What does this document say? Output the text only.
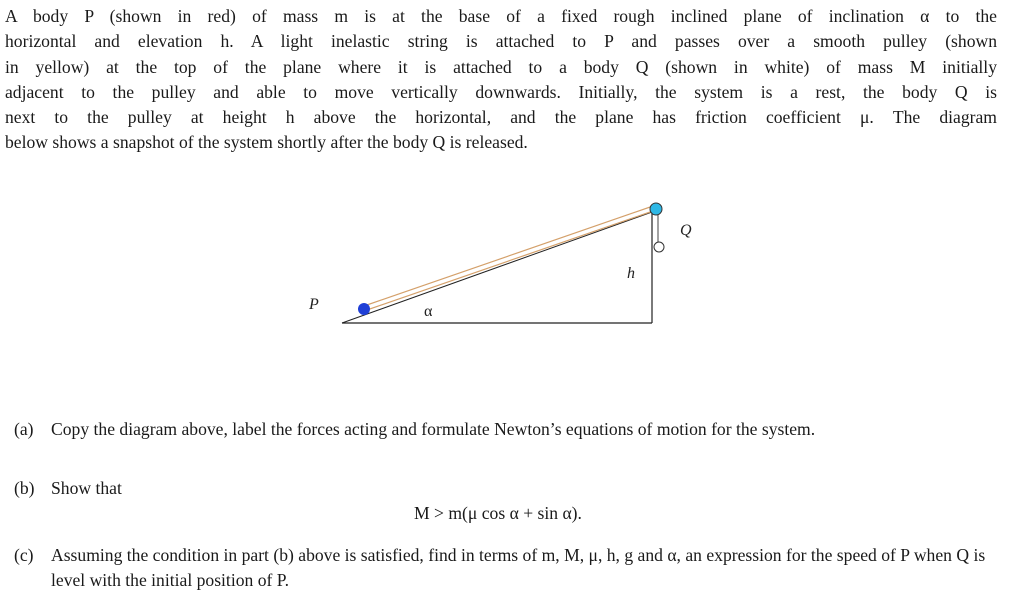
A body P (shown in red) of mass m is at the base of a fixed rough inclined plane of inclination α to the
horizontal and elevation h. A light inelastic string is attached to P and passes over a smooth pulley (shown
in yellow) at the top of the plane where it is attached to a body Q (shown in white) of mass M initially
adjacent to the pulley and able to move vertically downwards. Initially, the system is a rest, the body Q is
next to the pulley at height h above the horizontal, and the plane has friction coefficient μ. The diagram
below shows a snapshot of the system shortly after the body Q is released.
P	α
h
Q
(a) Copy the diagram above, label the forces acting and formulate Newton’s equations of motion for the system.
(b) Show that
M > m(μ cos α + sin α).
(c) Assuming the condition in part (b) above is satisfied, find in terms of m, M, μ, h, g and α, an expression for the speed of P when Q is level with the initial position of P.
